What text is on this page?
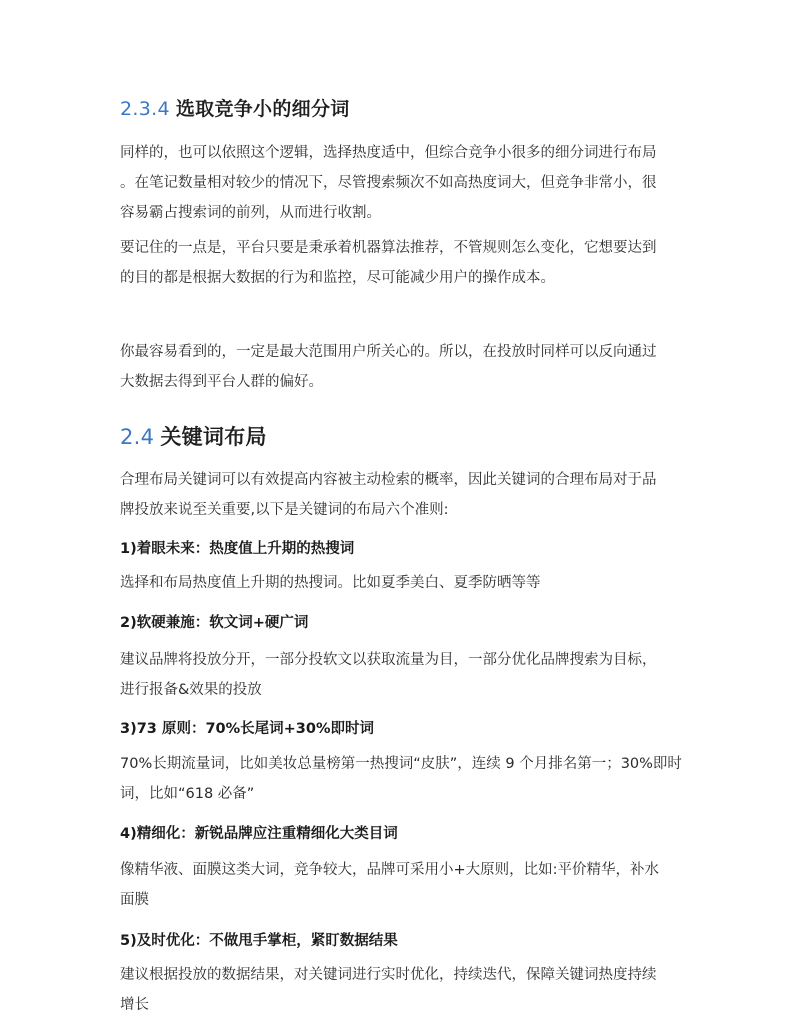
2.3.4 选取竞争小的细分词
同样的，也可以依照这个逻辑，选择热度适中，但综合竞争小很多的细分词进行布局
。在笔记数量相对较少的情况下，尽管搜索频次不如高热度词大，但竞争非常小，很
容易霸占搜索词的前列，从而进行收割。
要记住的一点是，平台只要是秉承着机器算法推荐，不管规则怎么变化，它想要达到
的目的都是根据大数据的行为和监控，尽可能减少用户的操作成本。
你最容易看到的，一定是最大范围用户所关心的。所以，在投放时同样可以反向通过
大数据去得到平台人群的偏好。
2.4 关键词布局
合理布局关键词可以有效提高内容被主动检索的概率，因此关键词的合理布局对于品
牌投放来说至关重要,以下是关键词的布局六个准则:
1)着眼未来：热度值上升期的热搜词
选择和布局热度值上升期的热搜词。比如夏季美白、夏季防晒等等
2)软硬兼施：软文词+硬广词
建议品牌将投放分开，一部分投软文以获取流量为目，一部分优化品牌搜索为目标，
进行报备&效果的投放
3)73 原则：70%长尾词+30%即时词
70%长期流量词，比如美妆总量榜第一热搜词“皮肤”，连续 9 个月排名第一；30%即时
词，比如“618 必备”
4)精细化：新锐品牌应注重精细化大类目词
像精华液、面膜这类大词，竞争较大，品牌可采用小+大原则，比如:平价精华，补水
面膜
5)及时优化：不做甩手掌柜，紧盯数据结果
建议根据投放的数据结果，对关键词进行实时优化，持续迭代，保障关键词热度持续
增长
